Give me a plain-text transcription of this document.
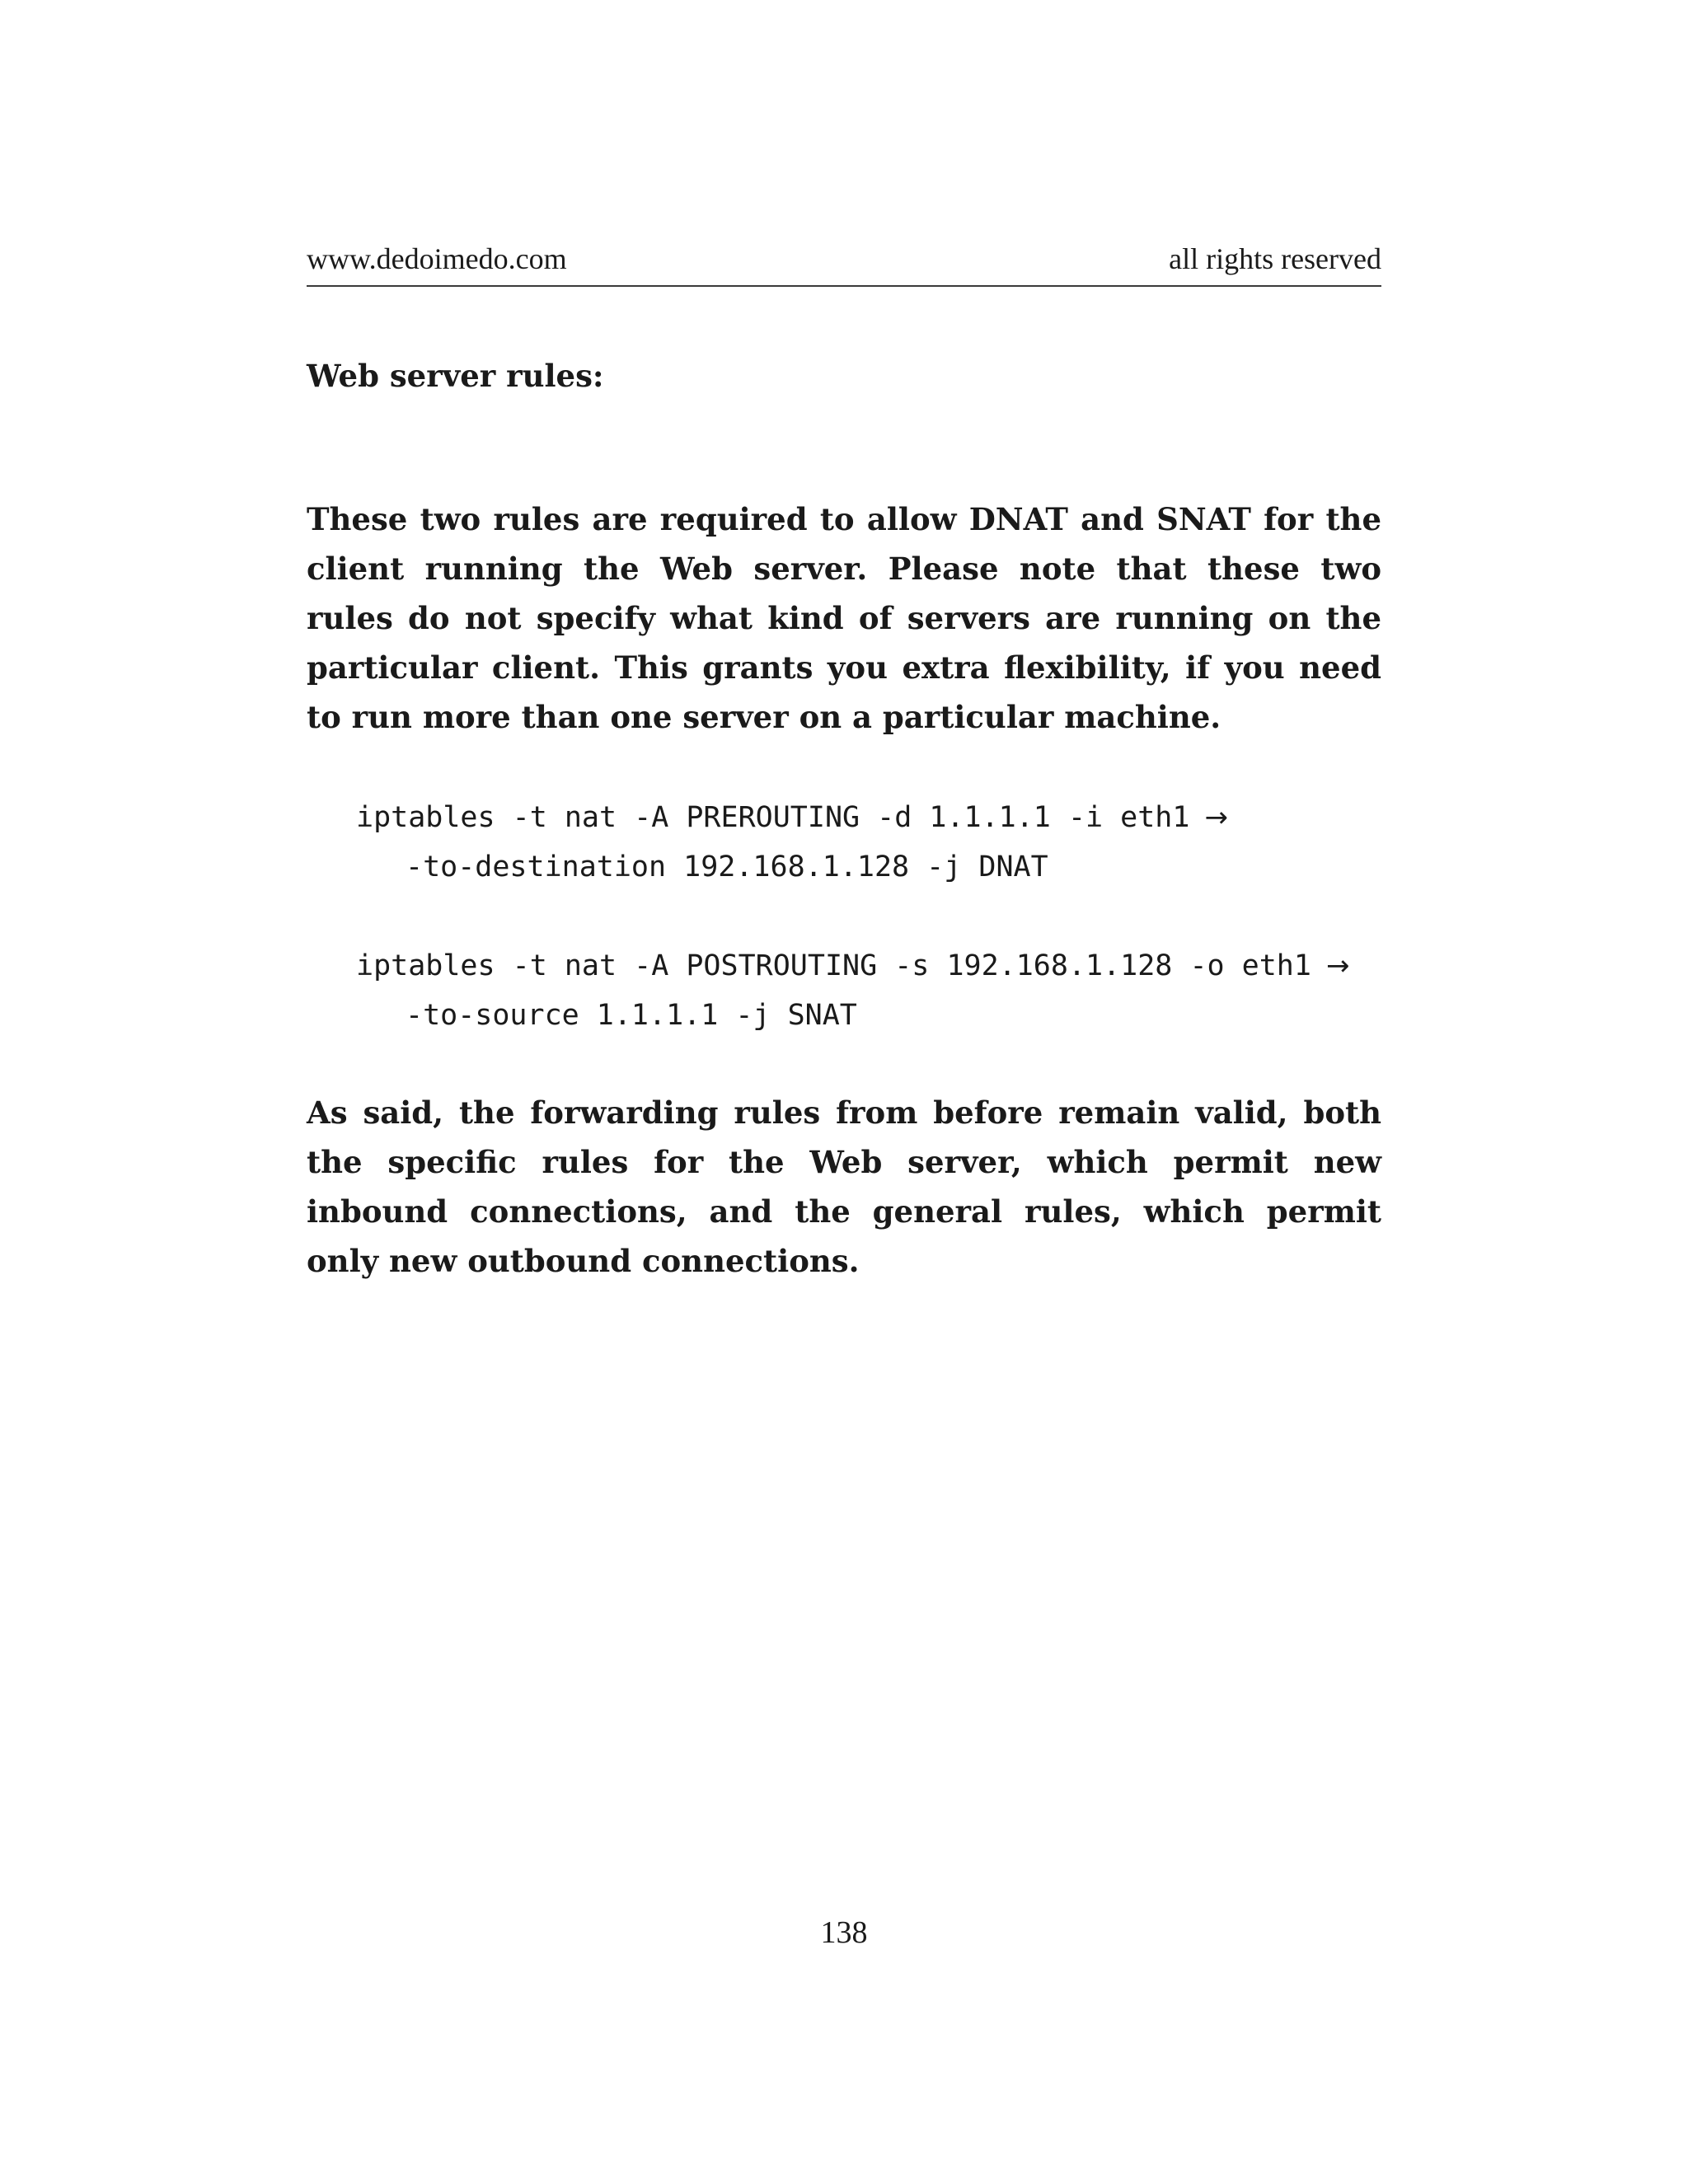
www.dedoimedo.com	all rights reserved
Web server rules:

These two rules are required to allow DNAT and SNAT for the client running the Web server. Please note that these two rules do not specify what kind of servers are running on the particular client. This grants you extra flexibility, if you need to run more than one server on a particular machine.

iptables -t nat -A PREROUTING -d 1.1.1.1 -i eth1 →
-to-destination 192.168.1.128 -j DNAT
iptables -t nat -A POSTROUTING -s 192.168.1.128 -o eth1 →
-to-source 1.1.1.1 -j SNAT

As said, the forwarding rules from before remain valid, both the specific rules for the Web server, which permit new inbound connections, and the general rules, which permit only new outbound connections.

138
